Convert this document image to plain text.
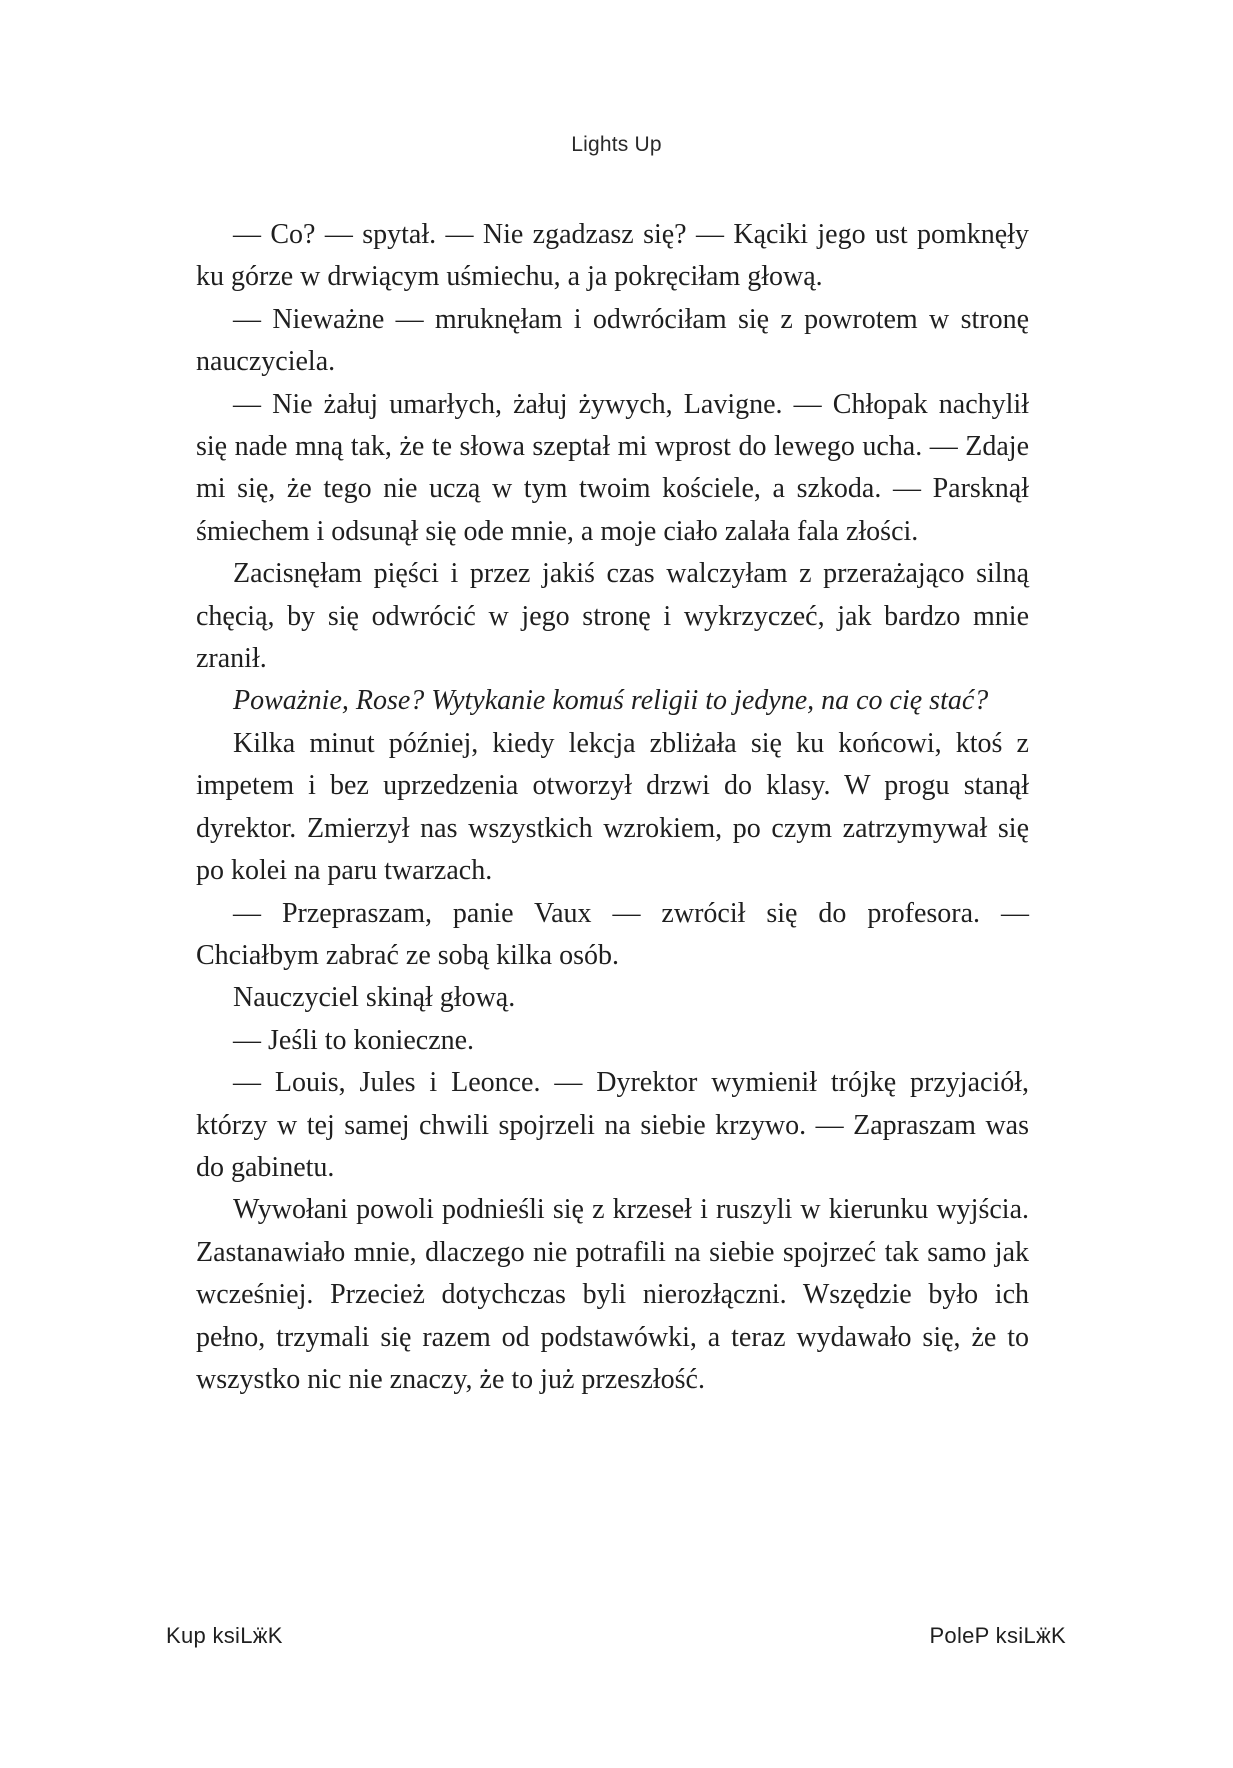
Lights Up

— Co? — spytał. — Nie zgadzasz się? — Kąciki jego ust pomknęły ku górze w drwiącym uśmiechu, a ja pokręciłam głową.

— Nieważne — mruknęłam i odwróciłam się z powrotem w stronę nauczyciela.

— Nie żałuj umarłych, żałuj żywych, Lavigne. — Chłopak nachylił się nade mną tak, że te słowa szeptał mi wprost do lewego ucha. — Zdaje mi się, że tego nie uczą w tym twoim kościele, a szkoda. — Parsknął śmiechem i odsunął się ode mnie, a moje ciało zalała fala złości.

Zacisnęłam pięści i przez jakiś czas walczyłam z przerażająco silną chęcią, by się odwrócić w jego stronę i wykrzyczeć, jak bardzo mnie zranił.

Poważnie, Rose? Wytykanie komuś religii to jedyne, na co cię stać?

Kilka minut później, kiedy lekcja zbliżała się ku końcowi, ktoś z impetem i bez uprzedzenia otworzył drzwi do klasy. W progu stanął dyrektor. Zmierzył nas wszystkich wzrokiem, po czym zatrzymywał się po kolei na paru twarzach.

— Przepraszam, panie Vaux — zwrócił się do profesora. — Chciałbym zabrać ze sobą kilka osób.

Nauczyciel skinął głową.

— Jeśli to konieczne.

— Louis, Jules i Leonce. — Dyrektor wymienił trójkę przyjaciół, którzy w tej samej chwili spojrzeli na siebie krzywo. — Zapraszam was do gabinetu.

Wywołani powoli podnieśli się z krzeseł i ruszyli w kierunku wyjścia. Zastanawiało mnie, dlaczego nie potrafili na siebie spojrzeć tak samo jak wcześniej. Przecież dotychczas byli nierozłączni. Wszędzie było ich pełno, trzymali się razem od podstawówki, a teraz wydawało się, że to wszystko nic nie znaczy, że to już przeszłość.

Kup ksiLӝK	PoleP ksiLӝK
